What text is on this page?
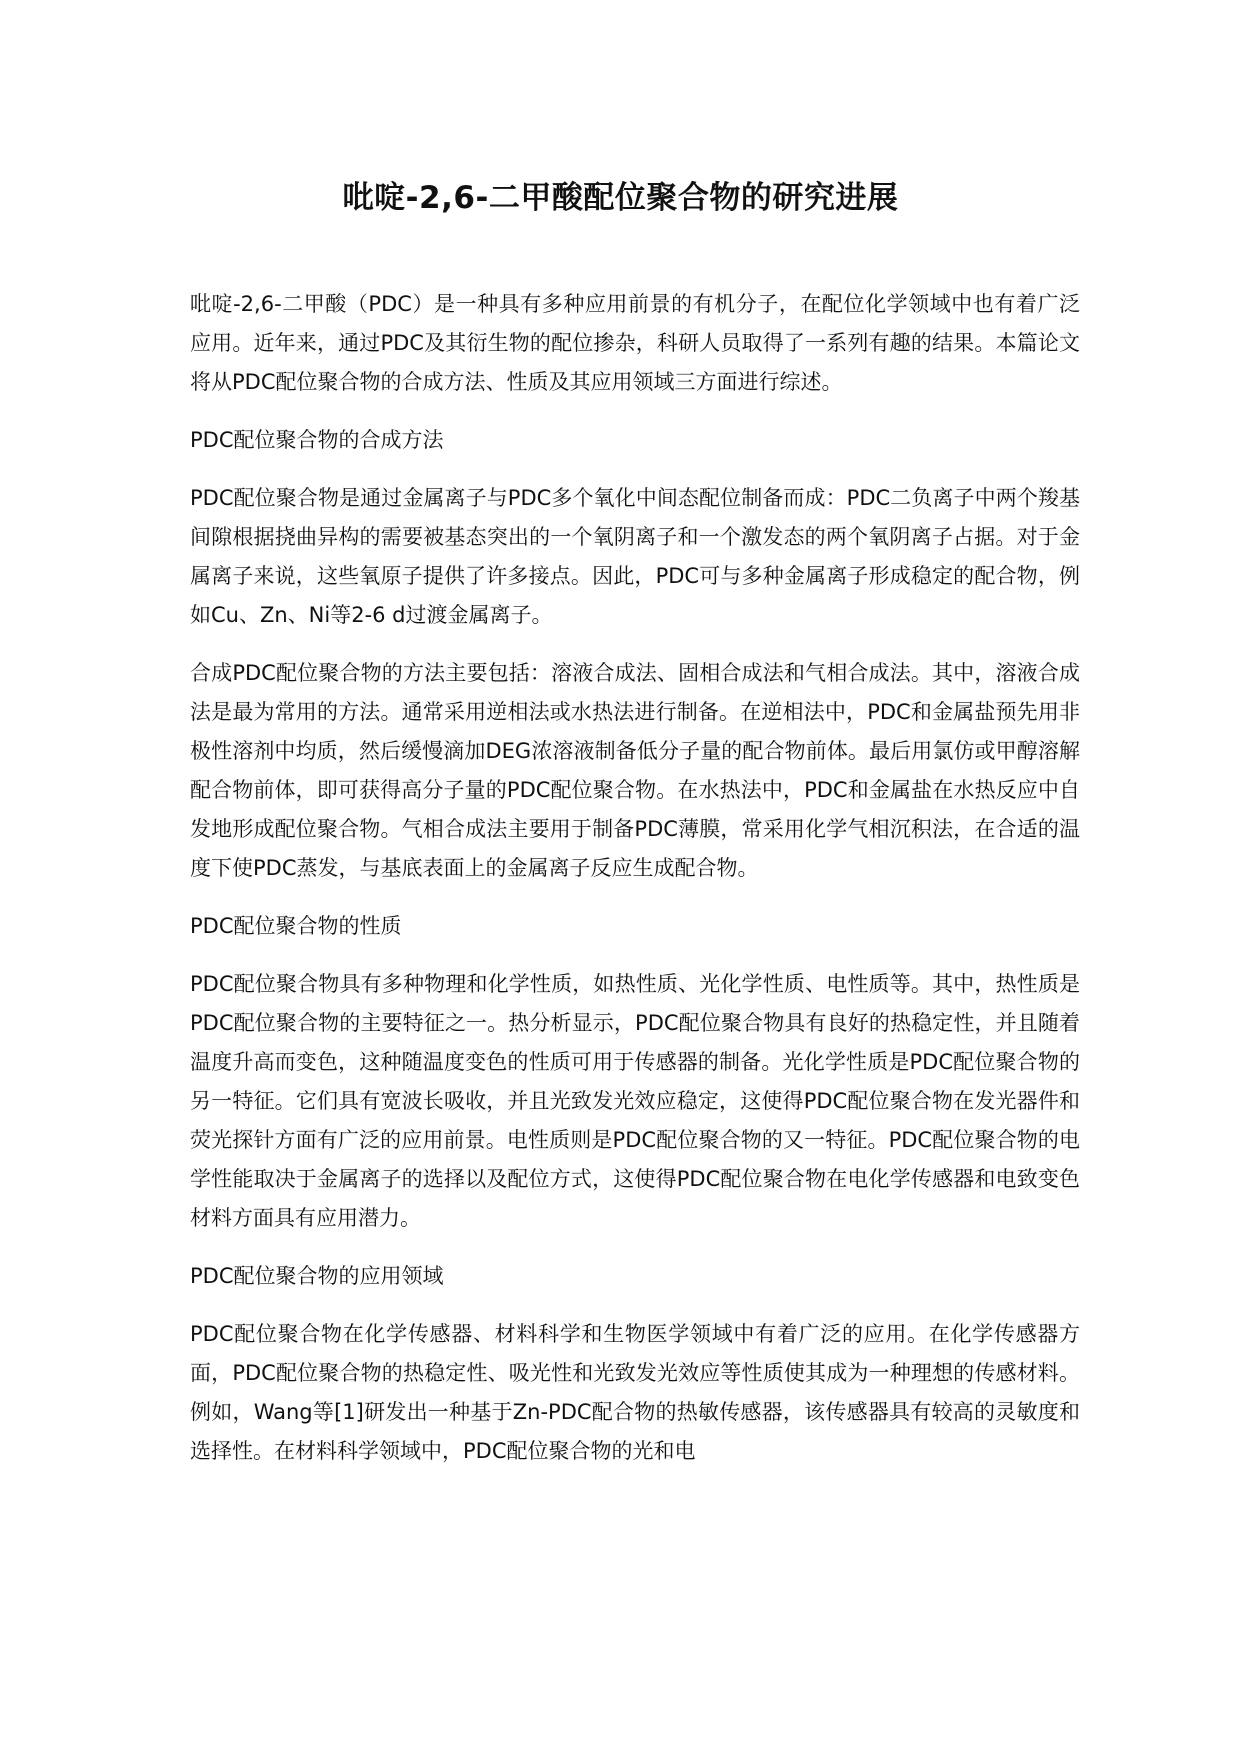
吡啶-2,6-二甲酸配位聚合物的研究进展

吡啶-2,6-二甲酸（PDC）是一种具有多种应用前景的有机分子，在配位化学领域中也有着广泛应用。近年来，通过PDC及其衍生物的配位掺杂，科研人员取得了一系列有趣的结果。本篇论文将从PDC配位聚合物的合成方法、性质及其应用领域三方面进行综述。

PDC配位聚合物的合成方法

PDC配位聚合物是通过金属离子与PDC多个氧化中间态配位制备而成：PDC二负离子中两个羧基间隙根据挠曲异构的需要被基态突出的一个氧阴离子和一个激发态的两个氧阴离子占据。对于金属离子来说，这些氧原子提供了许多接点。因此，PDC可与多种金属离子形成稳定的配合物，例如Cu、Zn、Ni等2-6 d过渡金属离子。

合成PDC配位聚合物的方法主要包括：溶液合成法、固相合成法和气相合成法。其中，溶液合成法是最为常用的方法。通常采用逆相法或水热法进行制备。在逆相法中，PDC和金属盐预先用非极性溶剂中均质，然后缓慢滴加DEG浓溶液制备低分子量的配合物前体。最后用氯仿或甲醇溶解配合物前体，即可获得高分子量的PDC配位聚合物。在水热法中，PDC和金属盐在水热反应中自发地形成配位聚合物。气相合成法主要用于制备PDC薄膜，常采用化学气相沉积法，在合适的温度下使PDC蒸发，与基底表面上的金属离子反应生成配合物。

PDC配位聚合物的性质

PDC配位聚合物具有多种物理和化学性质，如热性质、光化学性质、电性质等。其中，热性质是PDC配位聚合物的主要特征之一。热分析显示，PDC配位聚合物具有良好的热稳定性，并且随着温度升高而变色，这种随温度变色的性质可用于传感器的制备。光化学性质是PDC配位聚合物的另一特征。它们具有宽波长吸收，并且光致发光效应稳定，这使得PDC配位聚合物在发光器件和荧光探针方面有广泛的应用前景。电性质则是PDC配位聚合物的又一特征。PDC配位聚合物的电学性能取决于金属离子的选择以及配位方式，这使得PDC配位聚合物在电化学传感器和电致变色材料方面具有应用潜力。

PDC配位聚合物的应用领域

PDC配位聚合物在化学传感器、材料科学和生物医学领域中有着广泛的应用。在化学传感器方面，PDC配位聚合物的热稳定性、吸光性和光致发光效应等性质使其成为一种理想的传感材料。例如，Wang等[1]研发出一种基于Zn-PDC配合物的热敏传感器，该传感器具有较高的灵敏度和选择性。在材料科学领域中，PDC配位聚合物的光和电
